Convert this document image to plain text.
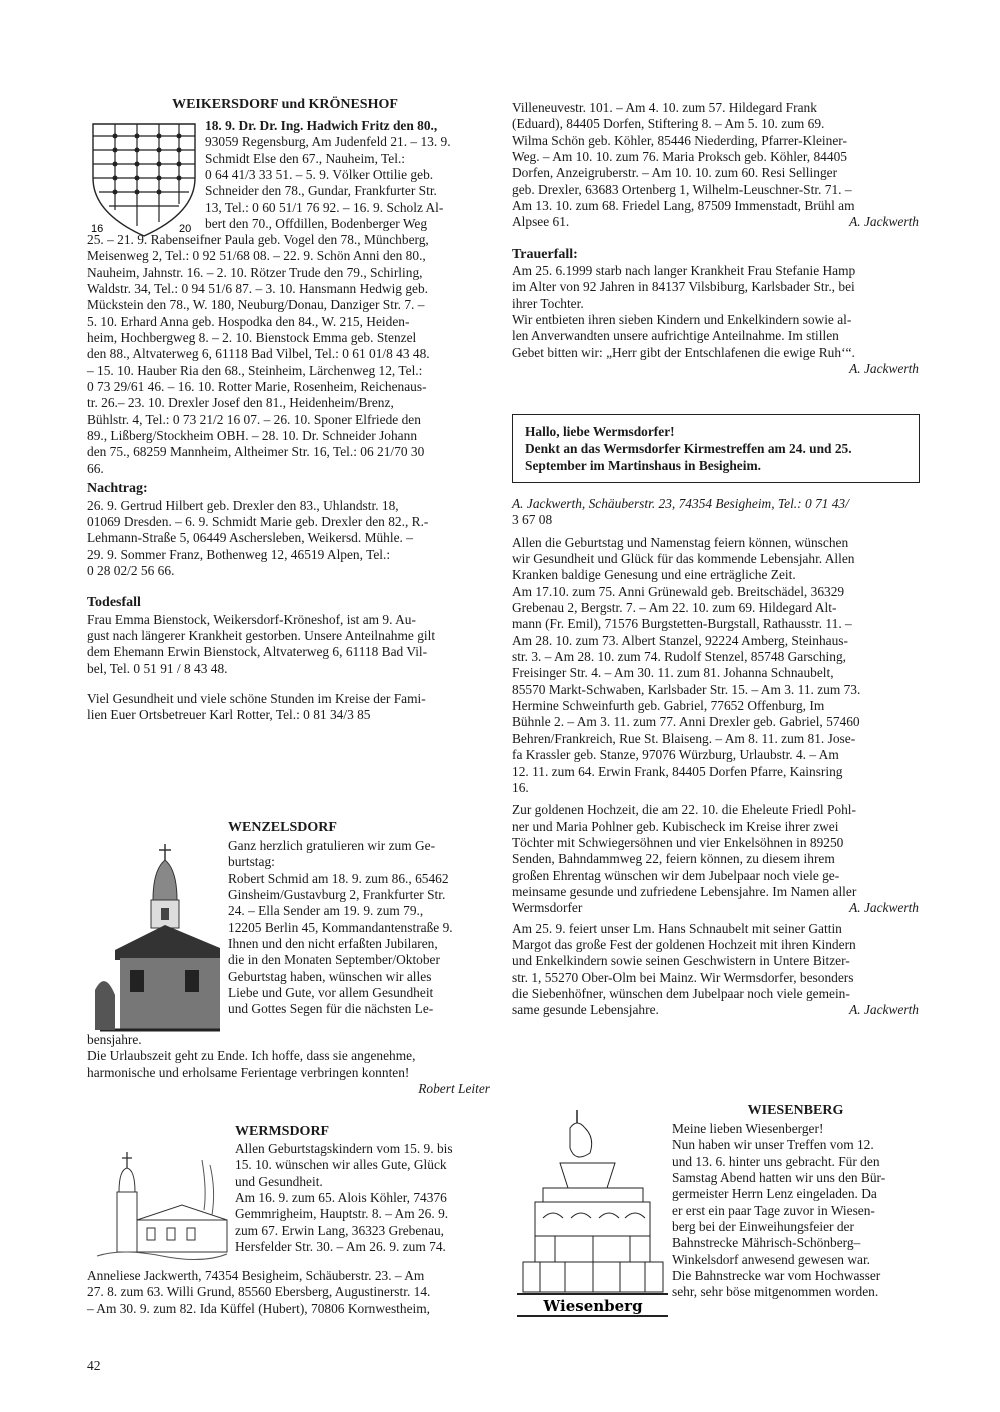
WEIKERSDORF und KRÖNESHOF
16	20

18. 9. Dr. Dr. Ing. Hadwich Fritz den 80.,

93059 Regensburg, Am Judenfeld 21. – 13. 9.

Schmidt Else den 67., Nauheim, Tel.:

0 64 41/3 33 51. – 5. 9. Völker Ottilie geb.

Schneider den 78., Gundar, Frankfurter Str.

13, Tel.: 0 60 51/1 76 92. – 16. 9. Scholz Al-

bert den 70., Offdillen, Bodenberger Weg

25. – 21. 9. Rabenseifner Paula geb. Vogel den 78., Münchberg,

Meisenweg 2, Tel.: 0 92 51/68 08. – 22. 9. Schön Anni den 80.,

Nauheim, Jahnstr. 16. – 2. 10. Rötzer Trude den 79., Schirling,

Waldstr. 34, Tel.: 0 94 51/6 87. – 3. 10. Hansmann Hedwig geb.

Mückstein den 78., W. 180, Neuburg/Donau, Danziger Str. 7. –

5. 10. Erhard Anna geb. Hospodka den 84., W. 215, Heiden-

heim, Hochbergweg 8. – 2. 10. Bienstock Emma geb. Stenzel

den 88., Altvaterweg 6, 61118 Bad Vilbel, Tel.: 0 61 01/8 43 48.

– 15. 10. Hauber Ria den 68., Steinheim, Lärchenweg 12, Tel.:

0 73 29/61 46. – 16. 10. Rotter Marie, Rosenheim, Reichenaus-

tr. 26.– 23. 10. Drexler Josef den 81., Heidenheim/Brenz,

Bühlstr. 4, Tel.: 0 73 21/2 16 07. – 26. 10. Sponer Elfriede den

89., Lißberg/Stockheim OBH. – 28. 10. Dr. Schneider Johann

den 75., 68259 Mannheim, Altheimer Str. 16, Tel.: 06 21/70 30

66.

Nachtrag:

26. 9. Gertrud Hilbert geb. Drexler den 83., Uhlandstr. 18,

01069 Dresden. – 6. 9. Schmidt Marie geb. Drexler den 82., R.-

Lehmann-Straße 5, 06449 Aschersleben, Weikersd. Mühle. –

29. 9. Sommer Franz, Bothenweg 12, 46519 Alpen, Tel.:

0 28 02/2 56 66.

Todesfall

Frau Emma Bienstock, Weikersdorf-Kröneshof, ist am 9. Au-

gust nach längerer Krankheit gestorben. Unsere Anteilnahme gilt

dem Ehemann Erwin Bienstock, Altvaterweg 6, 61118 Bad Vil-

bel, Tel. 0 51 91 / 8 43 48.

Viel Gesundheit und viele schöne Stunden im Kreise der Fami-

lien Euer Ortsbetreuer Karl Rotter, Tel.: 0 81 34/3 85

WENZELSDORF

Ganz herzlich gratulieren wir zum Ge-

burtstag:

Robert Schmid am 18. 9. zum 86., 65462

Ginsheim/Gustavburg 2, Frankfurter Str.

24. – Ella Sender am 19. 9. zum 79.,

12205 Berlin 45, Kommandantenstraße 9.

Ihnen und den nicht erfaßten Jubilaren,

die in den Monaten September/Oktober

Geburtstag haben, wünschen wir alles

Liebe und Gute, vor allem Gesundheit

und Gottes Segen für die nächsten Le-

bensjahre.

Die Urlaubszeit geht zu Ende. Ich hoffe, dass sie angenehme,

harmonische und erholsame Ferientage verbringen konnten!

Robert Leiter

WERMSDORF

Allen Geburtstagskindern vom 15. 9. bis

15. 10. wünschen wir alles Gute, Glück

und Gesundheit.

Am 16. 9. zum 65. Alois Köhler, 74376

Gemmrigheim, Hauptstr. 8. – Am 26. 9.

zum 67. Erwin Lang, 36323 Grebenau,

Hersfelder Str. 30. – Am 26. 9. zum 74.

Anneliese Jackwerth, 74354 Besigheim, Schäuberstr. 23. – Am

27. 8. zum 63. Willi Grund, 85560 Ebersberg, Augustinerstr. 14.

– Am 30. 9. zum 82. Ida Küffel (Hubert), 70806 Kornwestheim,

42

Villeneuvestr. 101. – Am 4. 10. zum 57. Hildegard Frank

(Eduard), 84405 Dorfen, Stiftering 8. – Am 5. 10. zum 69.

Wilma Schön geb. Köhler, 85446 Niederding, Pfarrer-Kleiner-

Weg. – Am 10. 10. zum 76. Maria Proksch geb. Köhler, 84405

Dorfen, Anzeigruberstr. – Am 10. 10. zum 60. Resi Sellinger

geb. Drexler, 63683 Ortenberg 1, Wilhelm-Leuschner-Str. 71. –

Am 13. 10. zum 68. Friedel Lang, 87509 Immenstadt, Brühl am

Alpsee 61.	A. Jackwerth

Trauerfall:

Am 25. 6.1999 starb nach langer Krankheit Frau Stefanie Hamp

im Alter von 92 Jahren in 84137 Vilsbiburg, Karlsbader Str., bei

ihrer Tochter.

Wir entbieten ihren sieben Kindern und Enkelkindern sowie al-

len Anverwandten unsere aufrichtige Anteilnahme. Im stillen

Gebet bitten wir: „Herr gibt der Entschlafenen die ewige Ruh‘“.

A. Jackwerth

Hallo, liebe Wermsdorfer!
Denkt an das Wermsdorfer Kirmestreffen am 24. und 25.
September im Martinshaus in Besigheim.

A. Jackwerth, Schäuberstr. 23, 74354 Besigheim, Tel.: 0 71 43/

3 67 08

Allen die Geburtstag und Namenstag feiern können, wünschen

wir Gesundheit und Glück für das kommende Lebensjahr. Allen

Kranken baldige Genesung und eine erträgliche Zeit.

Am 17.10. zum 75. Anni Grünewald geb. Breitschädel, 36329

Grebenau 2, Bergstr. 7. – Am 22. 10. zum 69. Hildegard Alt-

mann (Fr. Emil), 71576 Burgstetten-Burgstall, Rathausstr. 11. –

Am 28. 10. zum 73. Albert Stanzel, 92224 Amberg, Steinhaus-

str. 3. – Am 28. 10. zum 74. Rudolf Stenzel, 85748 Garsching,

Freisinger Str. 4. – Am 30. 11. zum 81. Johanna Schnaubelt,

85570 Markt-Schwaben, Karlsbader Str. 15. – Am 3. 11. zum 73.

Hermine Schweinfurth geb. Gabriel, 77652 Offenburg, Im

Bühnle 2. – Am 3. 11. zum 77. Anni Drexler geb. Gabriel, 57460

Behren/Frankreich, Rue St. Blaiseng. – Am 8. 11. zum 81. Jose-

fa Krassler geb. Stanze, 97076 Würzburg, Urlaubstr. 4. – Am

12. 11. zum 64. Erwin Frank, 84405 Dorfen Pfarre, Kainsring

16.

Zur goldenen Hochzeit, die am 22. 10. die Eheleute Friedl Pohl-

ner und Maria Pohlner geb. Kubischeck im Kreise ihrer zwei

Töchter mit Schwiegersöhnen und vier Enkelsöhnen in 89250

Senden, Bahndammweg 22, feiern können, zu diesem ihrem

großen Ehrentag wünschen wir dem Jubelpaar noch viele ge-

meinsame gesunde und zufriedene Lebensjahre. Im Namen aller

Wermsdorfer	A. Jackwerth

Am 25. 9. feiert unser Lm. Hans Schnaubelt mit seiner Gattin

Margot das große Fest der goldenen Hochzeit mit ihren Kindern

und Enkelkindern sowie seinen Geschwistern in Untere Bitzer-

str. 1, 55270 Ober-Olm bei Mainz. Wir Wermsdorfer, besonders

die Siebenhöfner, wünschen dem Jubelpaar noch viele gemein-

same gesunde Lebensjahre.	A. Jackwerth

Wiesenberg
WIESENBERG

Meine lieben Wiesenberger!

Nun haben wir unser Treffen vom 12.

und 13. 6. hinter uns gebracht. Für den

Samstag Abend hatten wir uns den Bür-

germeister Herrn Lenz eingeladen. Da

er erst ein paar Tage zuvor in Wiesen-

berg bei der Einweihungsfeier der

Bahnstrecke Mährisch-Schönberg–

Winkelsdorf anwesend gewesen war.

Die Bahnstrecke war vom Hochwasser

sehr, sehr böse mitgenommen worden.
